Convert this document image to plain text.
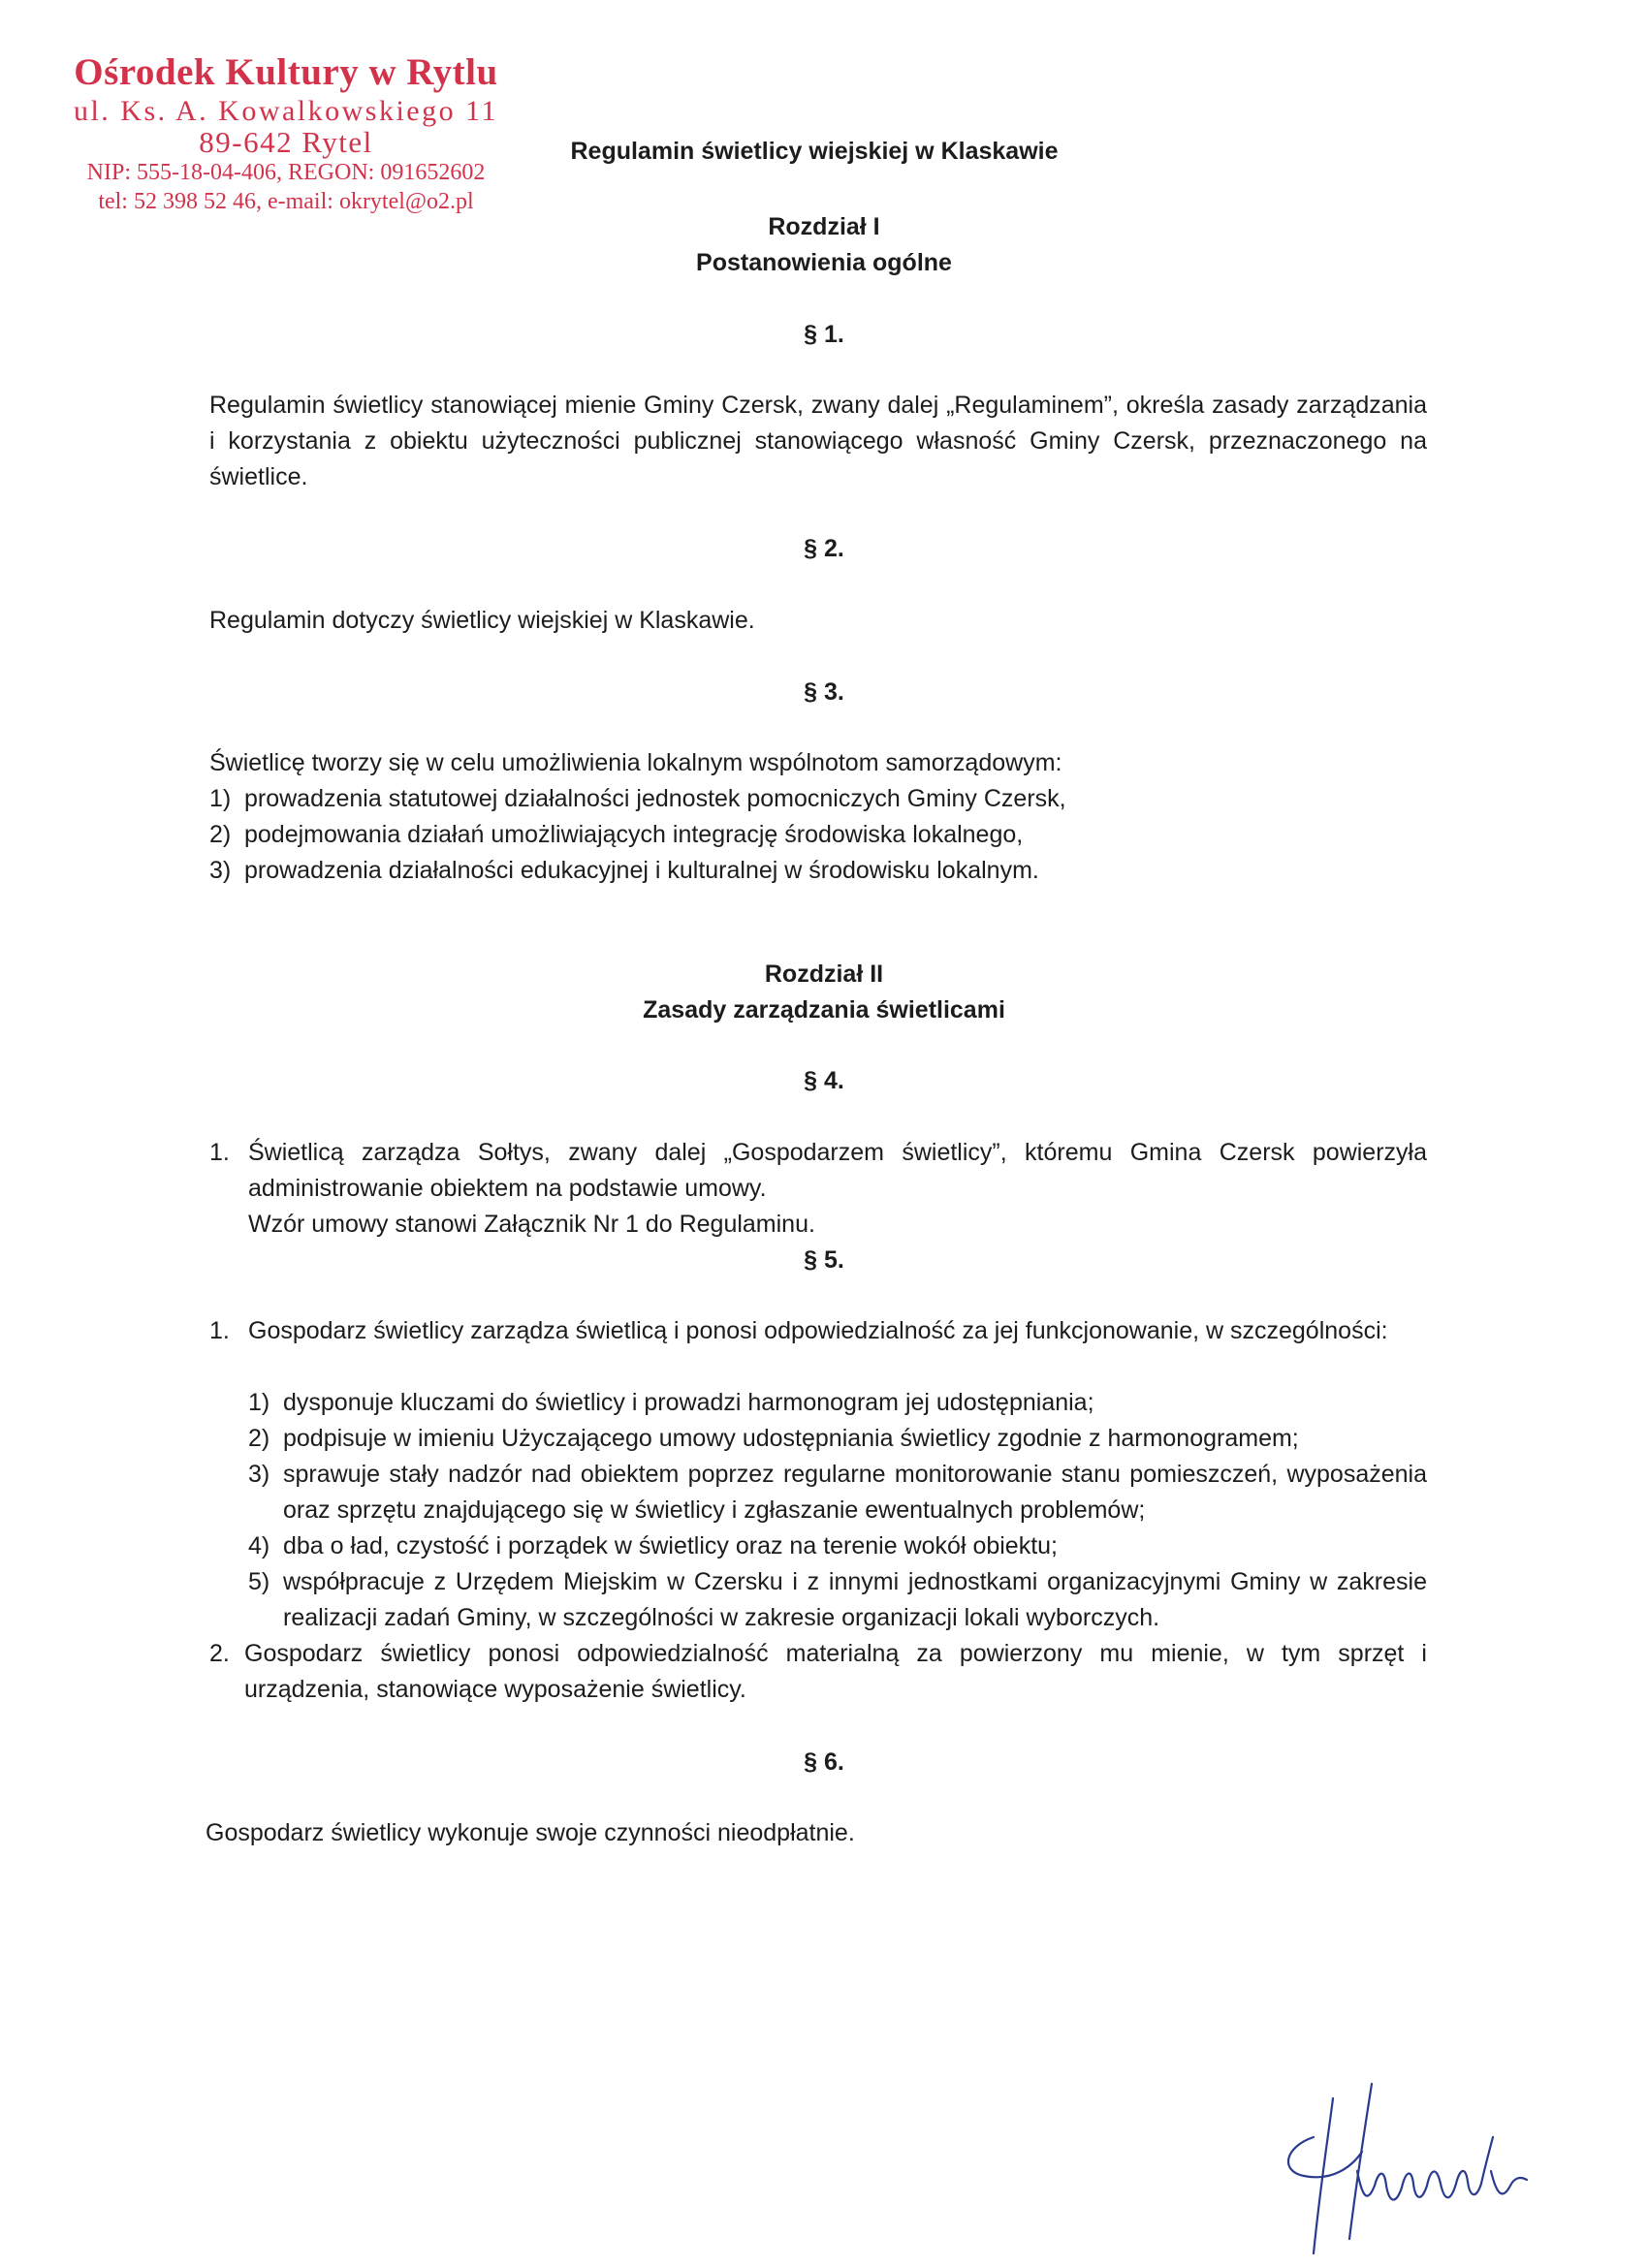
Ośrodek Kultury w Rytlu
ul. Ks. A. Kowalkowskiego 11
89-642 Rytel
NIP: 555-18-04-406, REGON: 091652602
tel: 52 398 52 46, e-mail: okrytel@o2.pl
Regulamin świetlicy wiejskiej w Klaskawie
Rozdział I
Postanowienia ogólne
§ 1.
Regulamin świetlicy stanowiącej mienie Gminy Czersk, zwany dalej „Regulaminem”, określa zasady zarządzania i korzystania z obiektu użyteczności publicznej stanowiącego własność Gminy Czersk, przeznaczonego na świetlice.
§ 2.
Regulamin dotyczy świetlicy wiejskiej w Klaskawie.
§ 3.
Świetlicę tworzy się w celu umożliwienia lokalnym wspólnotom samorządowym:
1) prowadzenia statutowej działalności jednostek pomocniczych Gminy Czersk,
2) podejmowania działań umożliwiających integrację środowiska lokalnego,
3) prowadzenia działalności edukacyjnej i kulturalnej w środowisku lokalnym.
Rozdział II
Zasady zarządzania świetlicami
§ 4.
1. Świetlicą zarządza Sołtys, zwany dalej „Gospodarzem świetlicy”, któremu Gmina Czersk powierzyła administrowanie obiektem na podstawie umowy.
Wzór umowy stanowi Załącznik Nr 1 do Regulaminu.
§ 5.
1. Gospodarz świetlicy zarządza świetlicą i ponosi odpowiedzialność za jej funkcjonowanie, w szczególności:
1) dysponuje kluczami do świetlicy i prowadzi harmonogram jej udostępniania;
2) podpisuje w imieniu Użyczającego umowy udostępniania świetlicy zgodnie z harmonogramem;
3) sprawuje stały nadzór nad obiektem poprzez regularne monitorowanie stanu pomieszczeń, wyposażenia oraz sprzętu znajdującego się w świetlicy i zgłaszanie ewentualnych problemów;
4) dba o ład, czystość i porządek w świetlicy oraz na terenie wokół obiektu;
5) współpracuje z Urzędem Miejskim w Czersku i z innymi jednostkami organizacyjnymi Gminy w zakresie realizacji zadań Gminy, w szczególności w zakresie organizacji lokali wyborczych.
2. Gospodarz świetlicy ponosi odpowiedzialność materialną za powierzony mu mienie, w tym sprzęt i urządzenia, stanowiące wyposażenie świetlicy.
§ 6.
Gospodarz świetlicy wykonuje swoje czynności nieodpłatnie.
